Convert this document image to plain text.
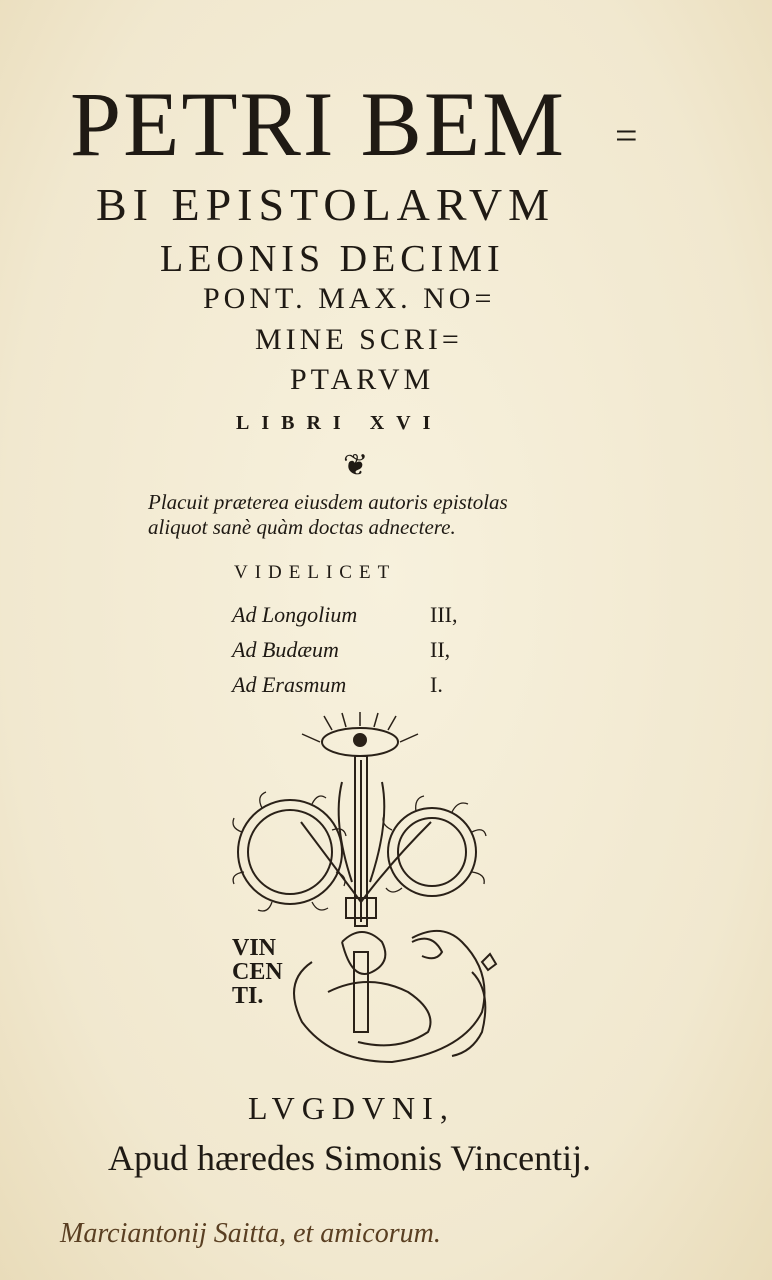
PETRI BEM =
BI EPISTOLARVM
LEONIS DECIMI
PONT. MAX. NO=
MINE SCRI=
PTARVM
LIBRI XVI
❦
Placuit præterea eiusdem autoris epistolas
aliquot sanè quàm doctas adnectere.
VIDELICET
Ad Longolium	III,
Ad Budæum	II,
Ad Erasmum	I.
VIN CEN TI.
LVGDVNI,
Apud hæredes Simonis Vincentij.
Marciantonij Saitta, et amicorum.
